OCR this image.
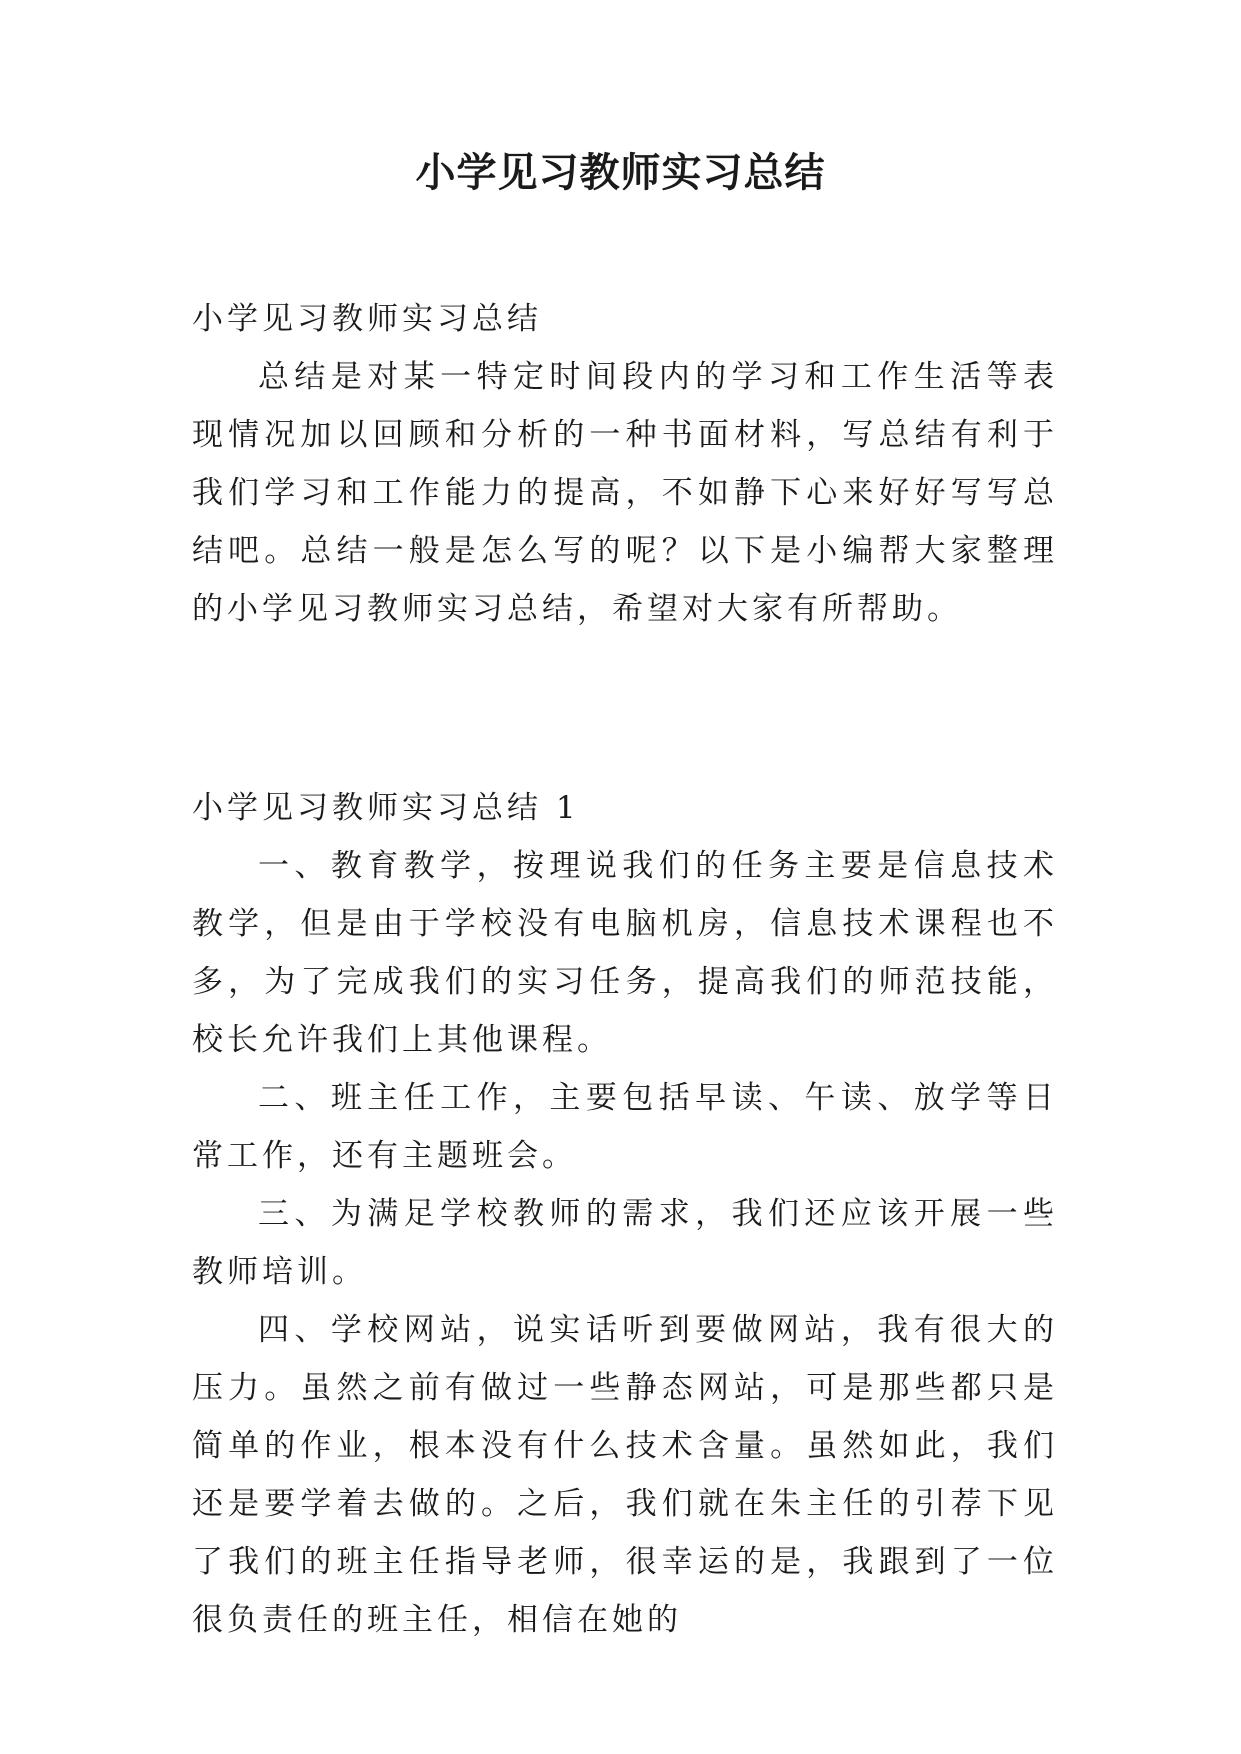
小学见习教师实习总结

小学见习教师实习总结

总结是对某一特定时间段内的学习和工作生活等表现情况加以回顾和分析的一种书面材料，写总结有利于我们学习和工作能力的提高，不如静下心来好好写写总结吧。总结一般是怎么写的呢？以下是小编帮大家整理的小学见习教师实习总结，希望对大家有所帮助。

小学见习教师实习总结 1

一、教育教学，按理说我们的任务主要是信息技术教学，但是由于学校没有电脑机房，信息技术课程也不多，为了完成我们的实习任务，提高我们的师范技能，校长允许我们上其他课程。

二、班主任工作，主要包括早读、午读、放学等日常工作，还有主题班会。

三、为满足学校教师的需求，我们还应该开展一些教师培训。

四、学校网站，说实话听到要做网站，我有很大的压力。虽然之前有做过一些静态网站，可是那些都只是简单的作业，根本没有什么技术含量。虽然如此，我们还是要学着去做的。之后，我们就在朱主任的引荐下见了我们的班主任指导老师，很幸运的是，我跟到了一位很负责任的班主任，相信在她的
